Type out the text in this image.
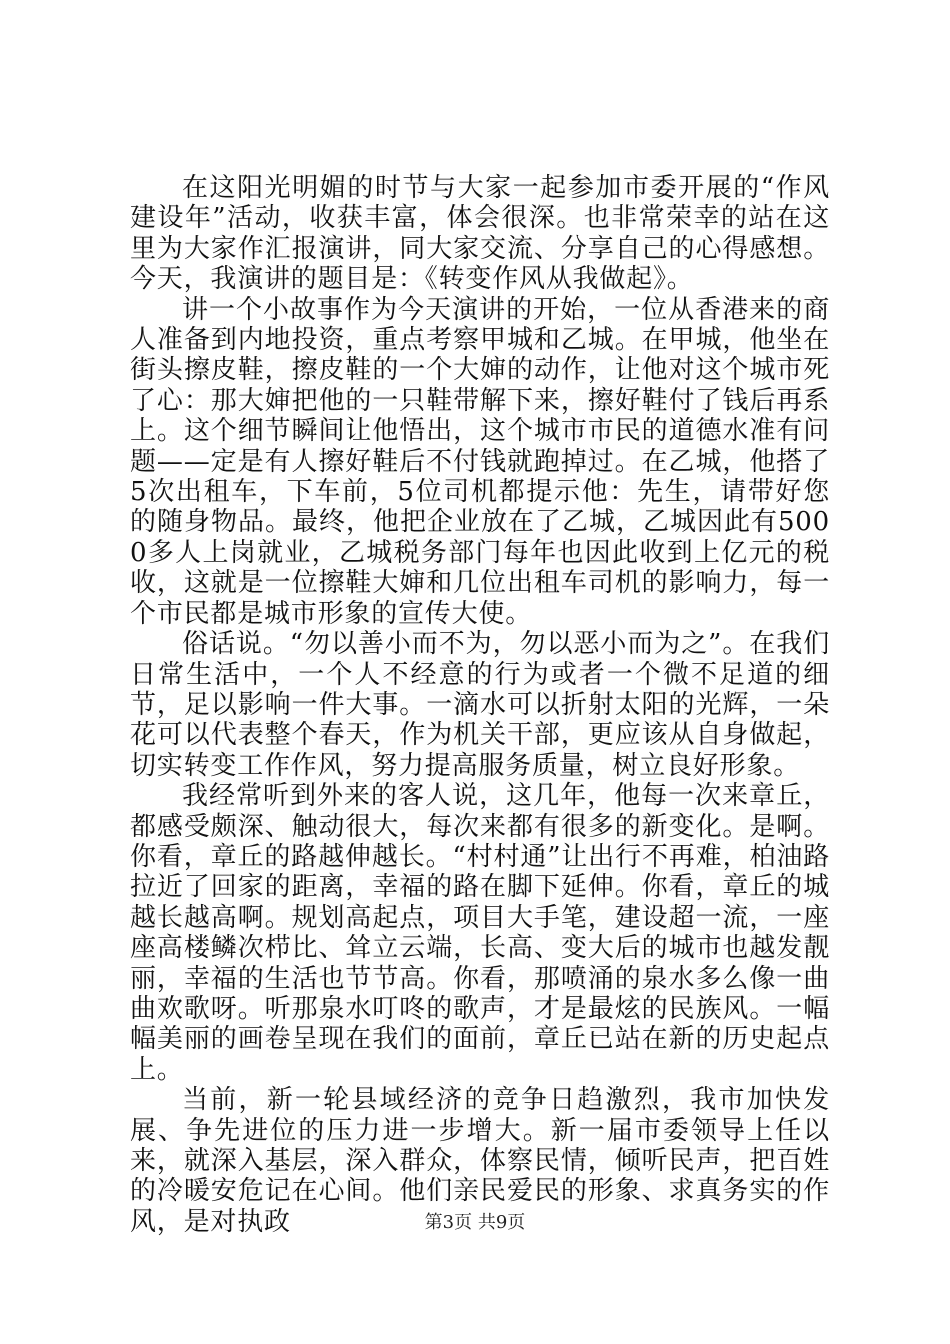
在这阳光明媚的时节与大家一起参加市委开展的“作风建设年”活动，收获丰富，体会很深。也非常荣幸的站在这里为大家作汇报演讲，同大家交流、分享自己的心得感想。今天，我演讲的题目是：《转变作风从我做起》。

讲一个小故事作为今天演讲的开始，一位从香港来的商人准备到内地投资，重点考察甲城和乙城。在甲城，他坐在街头擦皮鞋，擦皮鞋的一个大婶的动作，让他对这个城市死了心：那大婶把他的一只鞋带解下来，擦好鞋付了钱后再系上。这个细节瞬间让他悟出，这个城市市民的道德水准有问题——定是有人擦好鞋后不付钱就跑掉过。在乙城，他搭了5次出租车，下车前，5位司机都提示他：先生，请带好您的随身物品。最终，他把企业放在了乙城，乙城因此有5000多人上岗就业，乙城税务部门每年也因此收到上亿元的税收，这就是一位擦鞋大婶和几位出租车司机的影响力，每一个市民都是城市形象的宣传大使。

俗话说。“勿以善小而不为，勿以恶小而为之”。在我们日常生活中，一个人不经意的行为或者一个微不足道的细节，足以影响一件大事。一滴水可以折射太阳的光辉，一朵花可以代表整个春天，作为机关干部，更应该从自身做起，切实转变工作作风，努力提高服务质量，树立良好形象。

我经常听到外来的客人说，这几年，他每一次来章丘，都感受颇深、触动很大，每次来都有很多的新变化。是啊。你看，章丘的路越伸越长。“村村通”让出行不再难，柏油路拉近了回家的距离，幸福的路在脚下延伸。你看，章丘的城越长越高啊。规划高起点，项目大手笔，建设超一流，一座座高楼鳞次栉比、耸立云端，长高、变大后的城市也越发靓丽，幸福的生活也节节高。你看，那喷涌的泉水多么像一曲曲欢歌呀。听那泉水叮咚的歌声，才是最炫的民族风。一幅幅美丽的画卷呈现在我们的面前，章丘已站在新的历史起点上。

当前，新一轮县域经济的竞争日趋激烈，我市加快发展、争先进位的压力进一步增大。新一届市委领导上任以来，就深入基层，深入群众，体察民情，倾听民声，把百姓的冷暖安危记在心间。他们亲民爱民的形象、求真务实的作风，是对执政	第3页 共9页
